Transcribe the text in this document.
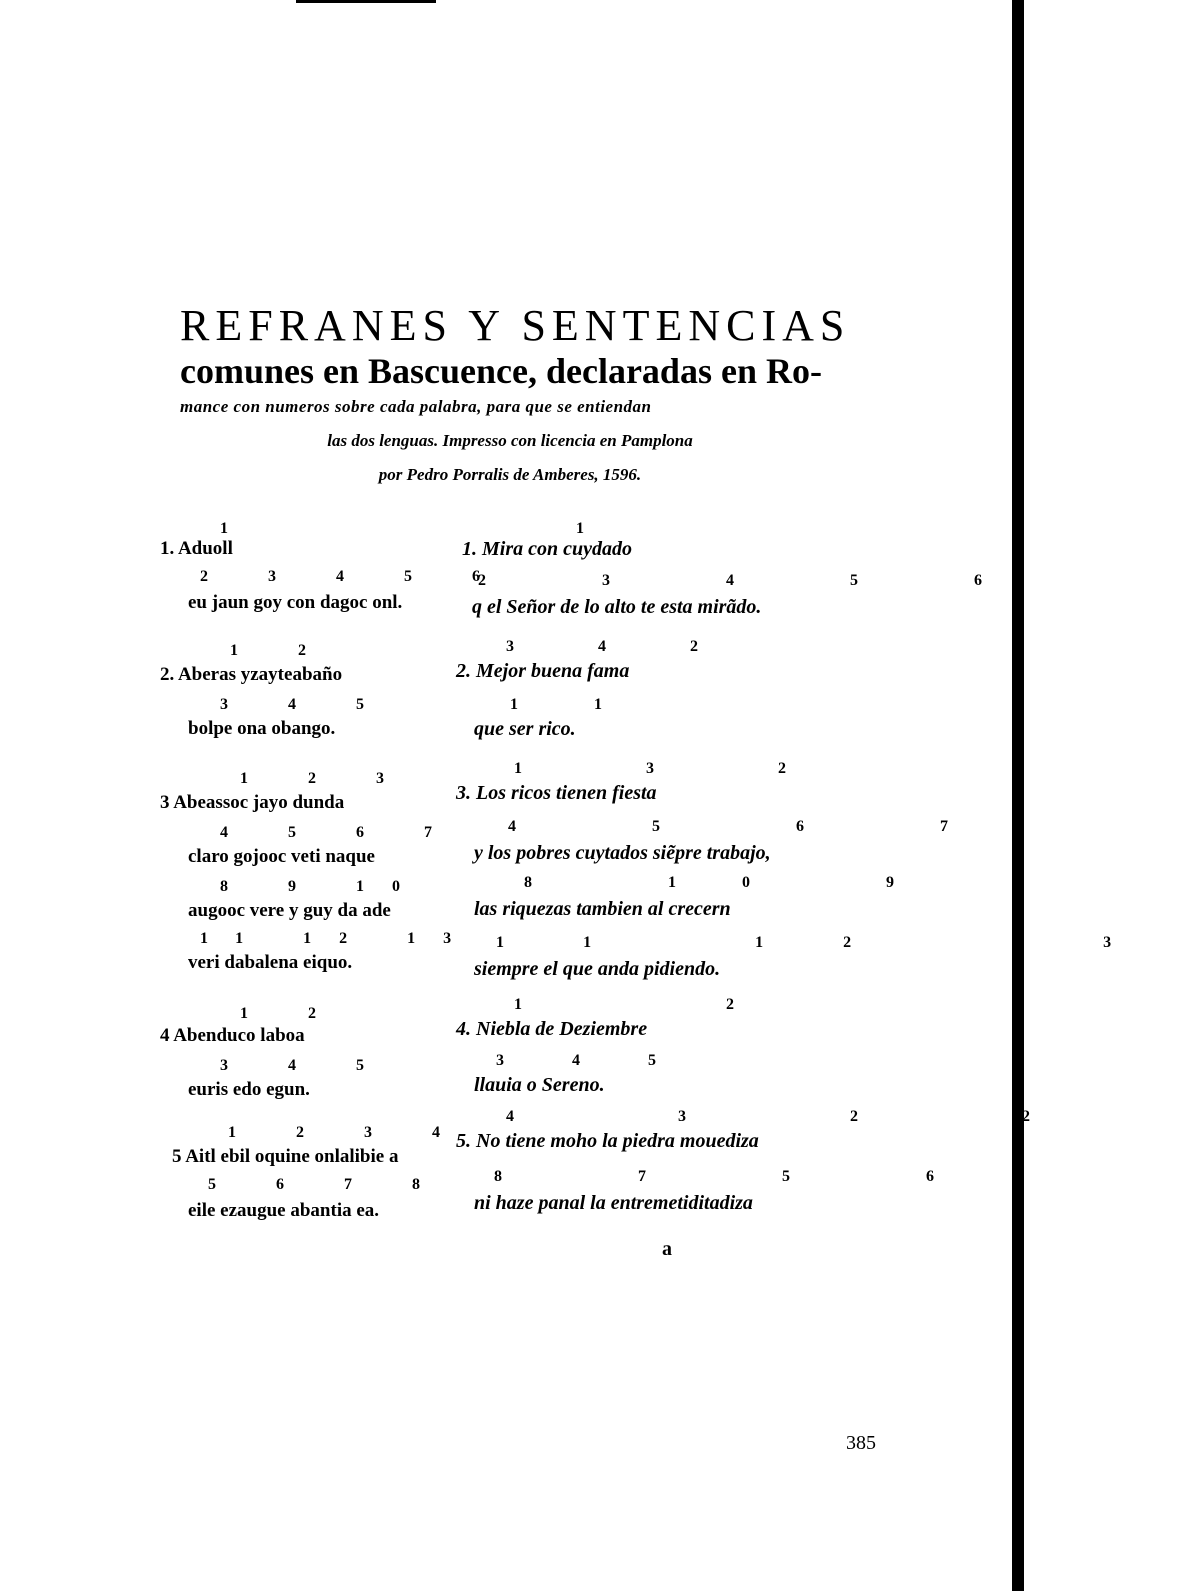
REFRANES Y SENTENCIAS
comunes en Bascuence, declaradas en Ro-
mance con numeros sobre cada palabra, para que se entiendan
las dos lenguas. Impresso con licencia en Pamplona
por Pedro Porralis de Amberes, 1596.
1
1. Aduoll
2 3 4 5 6
eu jaun goy con dagoc onl.
1 2
2. Aberas yzayteabaño
3 4 5
bolpe ona obango.
1 2 3
3 Abeassoc jayo dunda
4 5 6 7
claro gojooc veti naque
8 9 10
augooc vere y guy da ade
11 12 13
veri dabalena eiquo.
1 2
4 Abenduco laboa
3 4 5
euris edo egun.
1 2 3 4
5 Aitl ebil oquine onlalibie a
5 6 7 8
eile ezaugue abantia ea.
1
1. Mira con cuydado
2 3 4 5 6
q el Señor de lo alto te esta mirãdo.
3 4 2
2. Mejor buena fama
1 1
que ser rico.
1 3 2
3. Los ricos tienen fiesta
4 5 6 7
y los pobres cuytados siẽpre trabajo,
8 10 9
las riquezas tambien al crecern
11 12 13
siempre el que anda pidiendo.
1 2
4. Niebla de Deziembre
3 4 5
llauia o Sereno.
4 3 2 2
5. No tiene moho la piedra mouediza
8 7 5 6
ni haze panal la entremetiditadiza
a
385
